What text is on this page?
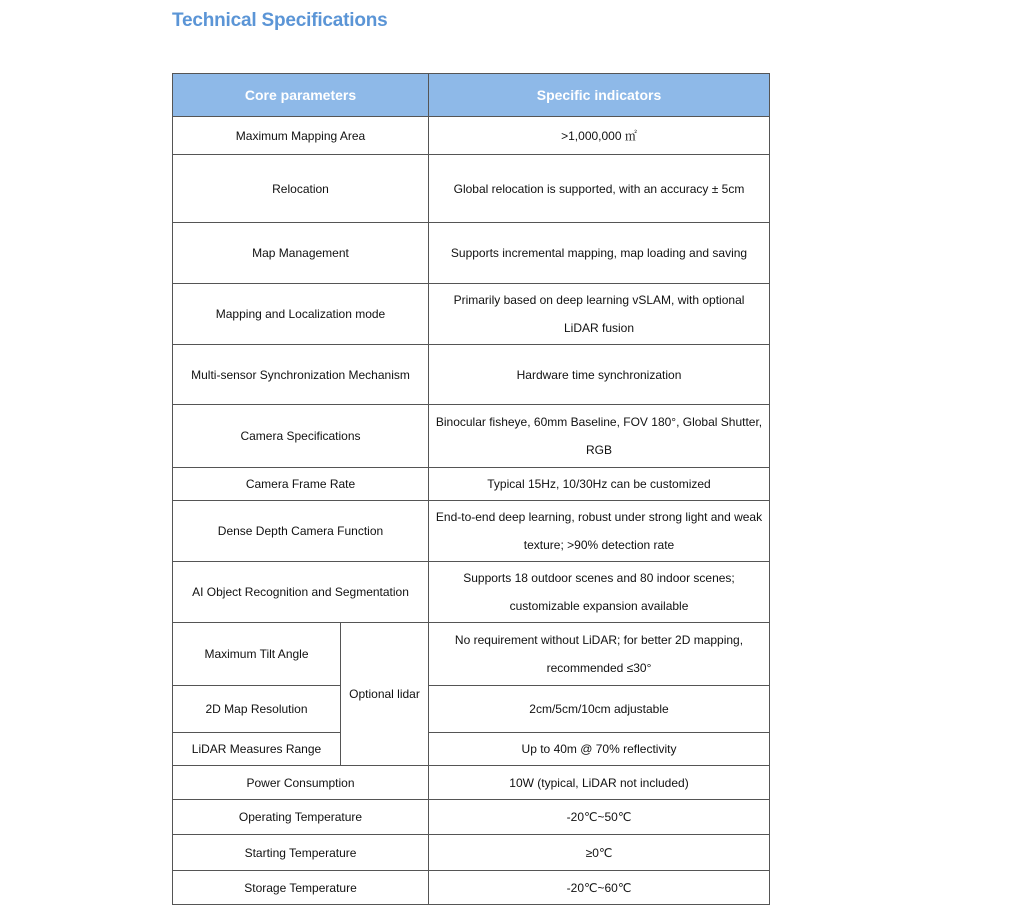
Technical Specifications
Core parameters		Specific indicators
Maximum Mapping Area		>1,000,000 ㎡
Relocation		Global relocation is supported, with an accuracy ± 5cm
Map Management		Supports incremental mapping, map loading and saving
Mapping and Localization mode		Primarily based on deep learning vSLAM, with optional LiDAR fusion
Multi-sensor Synchronization Mechanism		Hardware time synchronization
Camera Specifications		Binocular fisheye, 60mm Baseline, FOV 180°, Global Shutter, RGB
Camera Frame Rate		Typical 15Hz, 10/30Hz can be customized
Dense Depth Camera Function		End-to-end deep learning, robust under strong light and weak texture; >90% detection rate
AI Object Recognition and Segmentation		Supports 18 outdoor scenes and 80 indoor scenes; customizable expansion available
Maximum Tilt Angle	Optional lidar	No requirement without LiDAR; for better 2D mapping, recommended ≤30°
2D Map Resolution		2cm/5cm/10cm adjustable
LiDAR Measures Range		Up to 40m @ 70% reflectivity
Power Consumption		10W (typical, LiDAR not included)
Operating Temperature		-20℃~50℃
Starting Temperature		≥0℃
Storage Temperature		-20℃~60℃
